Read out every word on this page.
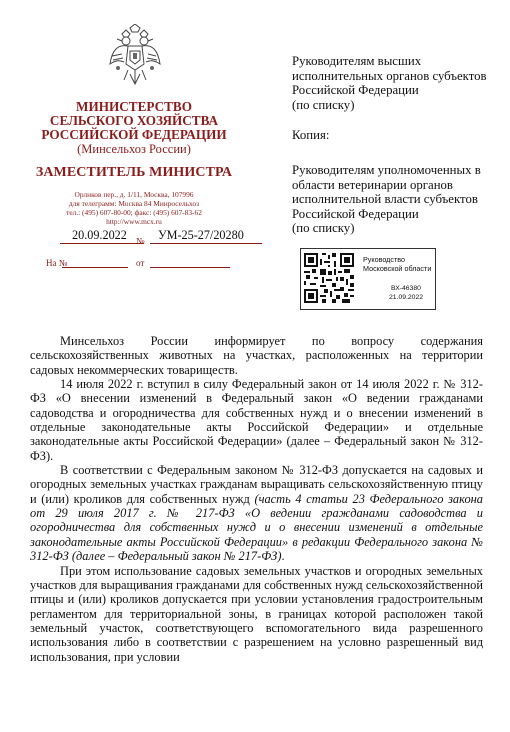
МИНИСТЕРСТВО
СЕЛЬСКОГО ХОЗЯЙСТВА
РОССИЙСКОЙ ФЕДЕРАЦИИ
(Минсельхоз России)
ЗАМЕСТИТЕЛЬ МИНИСТРА
Орликов пер., д. 1/11, Москва, 107996
для телеграмм: Москва 84 Минросельхоз
тел.: (495) 607-80-00; факс: (495) 607-83-62
http://www.mcx.ru
20.09.2022 № УМ-25-27/20280
На №	от
Руководителям высших
исполнительных органов субъектов
Российской Федерации
(по списку)
Копия:
Руководителям уполномоченных в
области ветеринарии органов
исполнительной власти субъектов
Российской Федерации
(по списку)
Руководство
Московской области
ВХ-46380
21.09.2022

Минсельхоз России информирует по вопросу содержания сельскохозяйственных животных на участках, расположенных на территории садовых некоммерческих товариществ.

14 июля 2022 г. вступил в силу Федеральный закон от 14 июля 2022 г. № 312-ФЗ «О внесении изменений в Федеральный закон «О ведении гражданами садоводства и огородничества для собственных нужд и о внесении изменений в отдельные законодательные акты Российской Федерации» и отдельные законодательные акты Российской Федерации» (далее – Федеральный закон № 312-ФЗ).

В соответствии с Федеральным законом № 312-ФЗ допускается на садовых и огородных земельных участках гражданам выращивать сельскохозяйственную птицу и (или) кроликов для собственных нужд (часть 4 статьи 23 Федерального закона от 29 июля 2017 г. № 217-ФЗ «О ведении гражданами садоводства и огородничества для собственных нужд и о внесении изменений в отдельные законодательные акты Российской Федерации» в редакции Федерального закона № 312-ФЗ (далее – Федеральный закон № 217-ФЗ).

При этом использование садовых земельных участков и огородных земельных участков для выращивания гражданами для собственных нужд сельскохозяйственной птицы и (или) кроликов допускается при условии установления градостроительным регламентом для территориальной зоны, в границах которой расположен такой земельный участок, соответствующего вспомогательного вида разрешенного использования либо в соответствии с разрешением на условно разрешенный вид использования, при условии
